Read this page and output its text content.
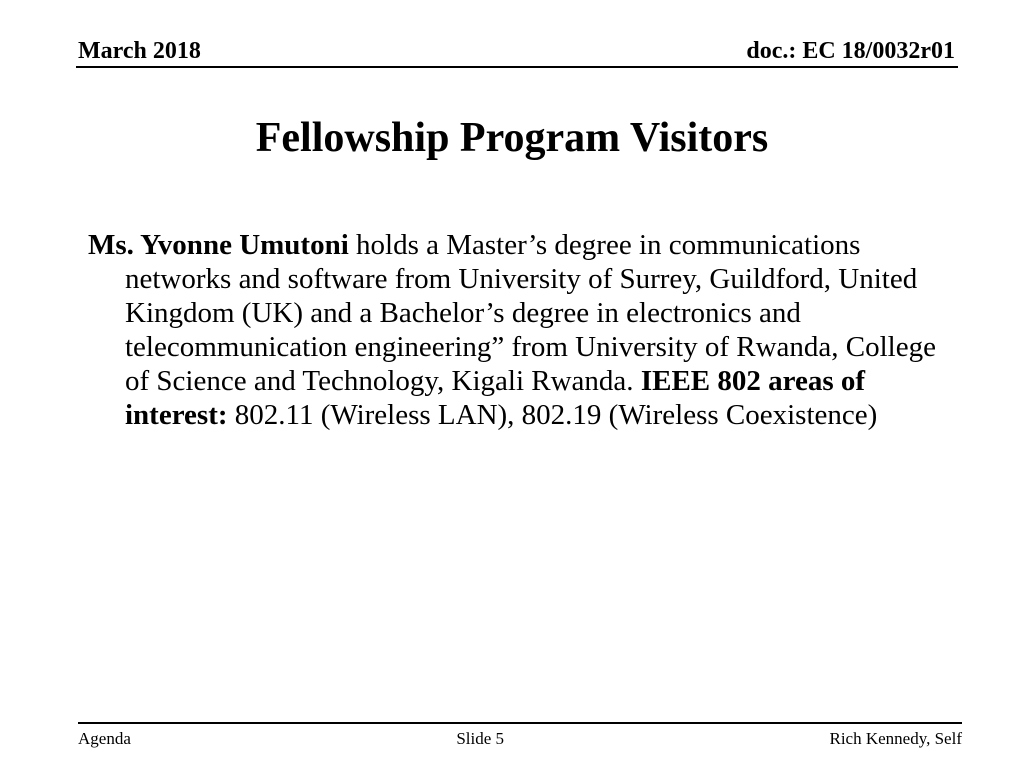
March 2018	doc.: EC 18/0032r01
Fellowship Program Visitors
Ms. Yvonne Umutoni holds a Master’s degree in communications
networks and software from University of Surrey, Guildford, United
Kingdom (UK) and a Bachelor’s degree in electronics and
telecommunication engineering” from University of Rwanda, College
of Science and Technology, Kigali Rwanda. IEEE 802 areas of
interest: 802.11 (Wireless LAN), 802.19 (Wireless Coexistence)
Agenda	Slide 5	Rich Kennedy, Self
